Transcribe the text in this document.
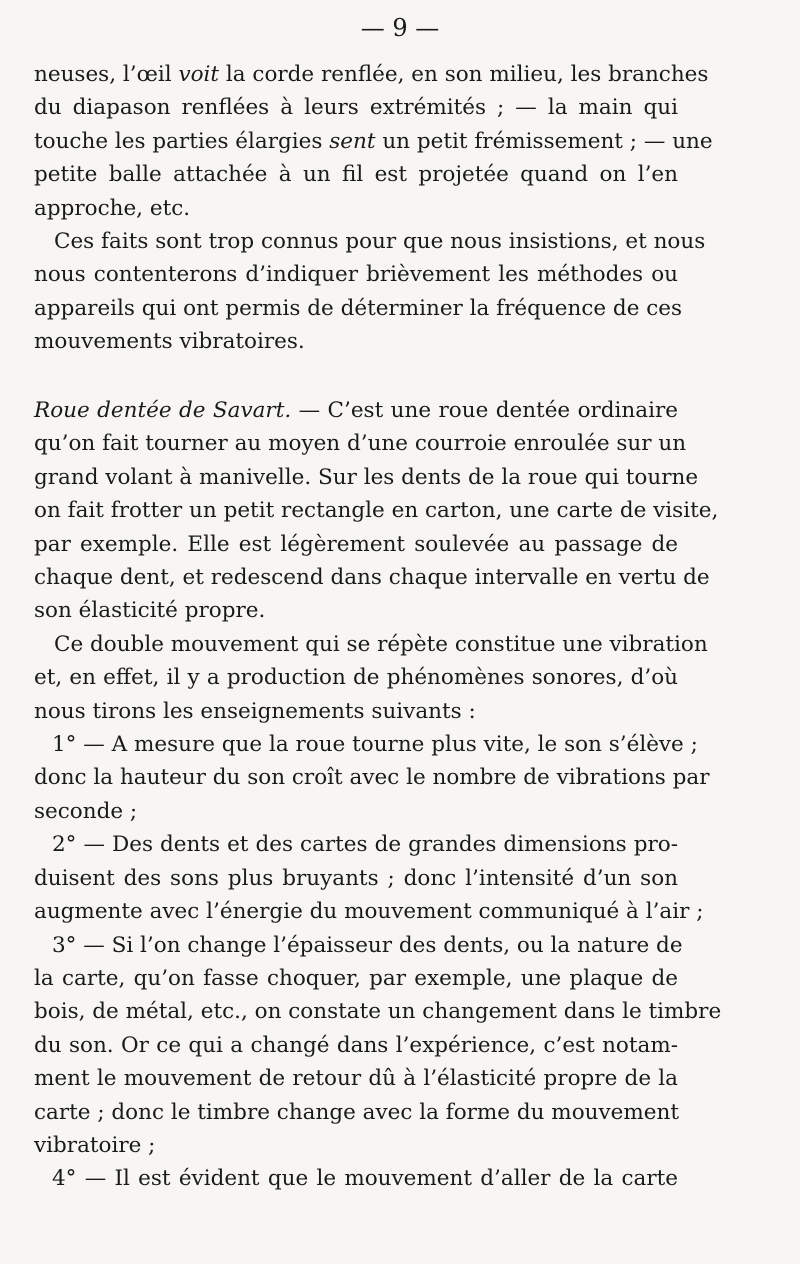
— 9 —
neuses, l’œil voit la corde renflée, en son milieu, les branches
du diapason renflées à leurs extrémités ; — la main qui
touche les parties élargies sent un petit frémissement ; — une
petite balle attachée à un fil est projetée quand on l’en
approche, etc.
Ces faits sont trop connus pour que nous insistions, et nous
nous contenterons d’indiquer brièvement les méthodes ou
appareils qui ont permis de déterminer la fréquence de ces
mouvements vibratoires.
Roue dentée de Savart. — C’est une roue dentée ordinaire
qu’on fait tourner au moyen d’une courroie enroulée sur un
grand volant à manivelle. Sur les dents de la roue qui tourne
on fait frotter un petit rectangle en carton, une carte de visite,
par exemple. Elle est légèrement soulevée au passage de
chaque dent, et redescend dans chaque intervalle en vertu de
son élasticité propre.
Ce double mouvement qui se répète constitue une vibration
et, en effet, il y a production de phénomènes sonores, d’où
nous tirons les enseignements suivants :
1° — A mesure que la roue tourne plus vite, le son s’élève ;
donc la hauteur du son croît avec le nombre de vibrations par
seconde ;
2° — Des dents et des cartes de grandes dimensions pro-
duisent des sons plus bruyants ; donc l’intensité d’un son
augmente avec l’énergie du mouvement communiqué à l’air ;
3° — Si l’on change l’épaisseur des dents, ou la nature de
la carte, qu’on fasse choquer, par exemple, une plaque de
bois, de métal, etc., on constate un changement dans le timbre
du son. Or ce qui a changé dans l’expérience, c’est notam-
ment le mouvement de retour dû à l’élasticité propre de la
carte ; donc le timbre change avec la forme du mouvement
vibratoire ;
4° — Il est évident que le mouvement d’aller de la carte
